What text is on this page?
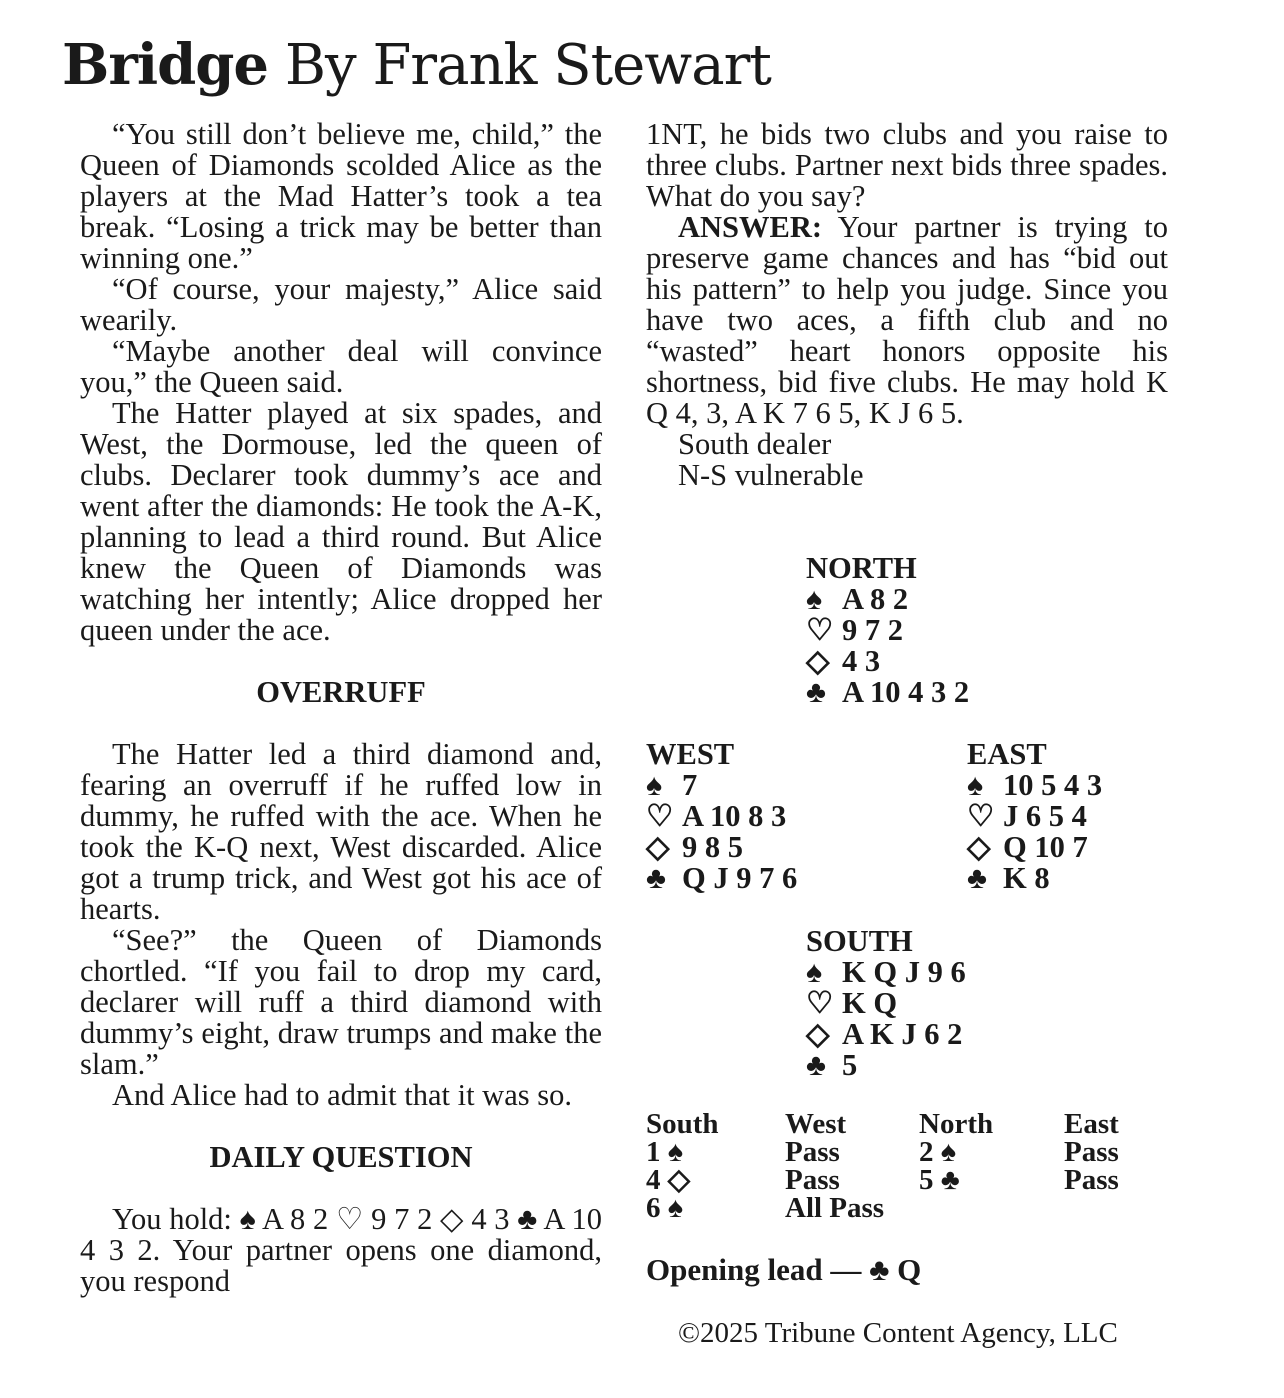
Bridge By Frank Stewart

“You still don’t believe me, child,” the Queen of Diamonds scolded Alice as the players at the Mad Hatter’s took a tea break. “Losing a trick may be better than winning one.”

“Of course, your majesty,” Alice said wearily.

“Maybe another deal will convince you,” the Queen said.

The Hatter played at six spades, and West, the Dormouse, led the queen of clubs. Declarer took dummy’s ace and went after the diamonds: He took the A-K, planning to lead a third round. But Alice knew the Queen of Diamonds was watching her intently; Alice dropped her queen under the ace.

OVERRUFF

The Hatter led a third diamond and, fearing an overruff if he ruffed low in dummy, he ruffed with the ace. When he took the K-Q next, West discarded. Alice got a trump trick, and West got his ace of hearts.

“See?” the Queen of Diamonds chortled. “If you fail to drop my card, declarer will ruff a third diamond with dummy’s eight, draw trumps and make the slam.”

And Alice had to admit that it was so.

DAILY QUESTION

You hold: ♠ A 8 2 ♡ 9 7 2 ◇ 4 3 ♣ A 10 4 3 2. Your partner opens one diamond, you respond

1NT, he bids two clubs and you raise to three clubs. Partner next bids three spades. What do you say?

ANSWER: Your partner is trying to preserve game chances and has “bid out his pattern” to help you judge. Since you have two aces, a fifth club and no “wasted” heart honors opposite his shortness, bid five clubs. He may hold K Q 4, 3, A K 7 6 5, K J 6 5.

South dealer

N-S vulnerable

NORTH
♠ A 8 2
♡ 9 7 2
◇ 4 3
♣ A 10 4 3 2
WEST
♠ 7
♡ A 10 8 3
◇ 9 8 5
♣ Q J 9 7 6
EAST
♠ 10 5 4 3
♡ J 6 5 4
◇ Q 10 7
♣ K 8
SOUTH
♠ K Q J 9 6
♡ K Q
◇ A K J 6 2
♣ 5
South West	North East
1 ♠	Pass	2 ♠	Pass
4 ◇	Pass	5 ♣	Pass
6 ♠	All Pass
Opening lead — ♣ Q
©2025 Tribune Content Agency, LLC
